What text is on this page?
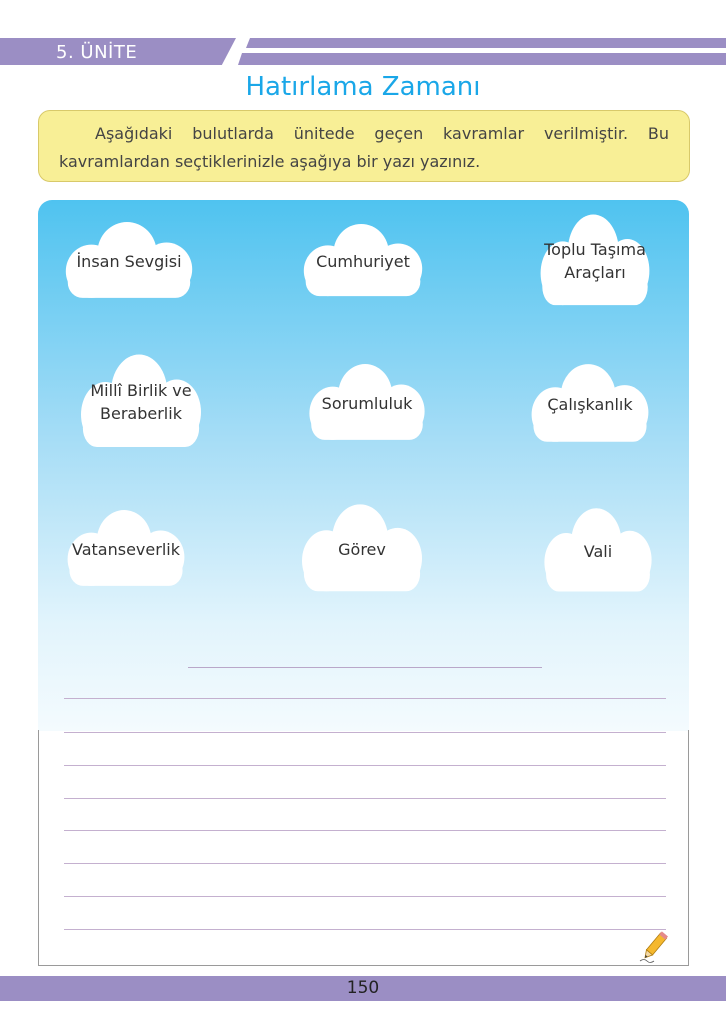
5. ÜNİTE
Hatırlama Zamanı
Aşağıdaki bulutlarda ünitede geçen kavramlar verilmiştir. Bu kavramlardan seçtiklerinizle aşağıya bir yazı yazınız.
İnsan Sevgisi	Cumhuriyet
Toplu Taşıma
Araçları
Millî Birlik ve
Beraberlik
Sorumluluk	Çalışkanlık
Vatanseverlik	Görev	Vali
150
